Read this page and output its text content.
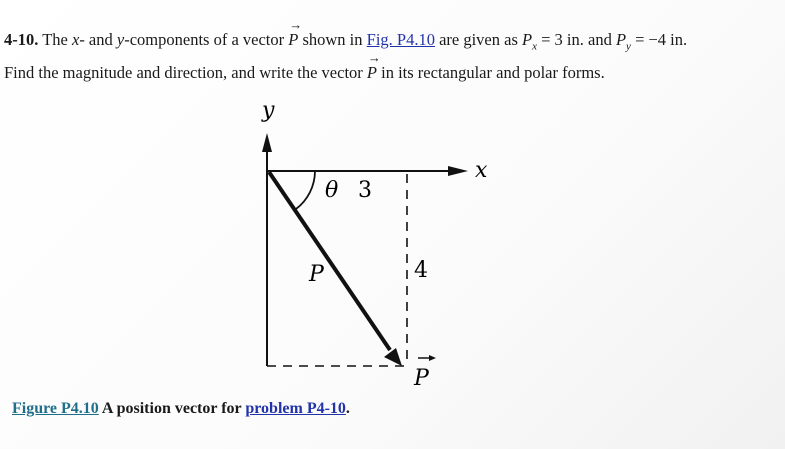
4-10. The x- and y-components of a vector → P shown in Fig. P4.10 are given as $P_x = 3$ in. and $P_y = -4$ in.
Find the magnitude and direction, and write the vector → P in its rectangular and polar forms.
y
x
θ 3
4
P
P
Figure P4.10 A position vector for problem P4-10.
